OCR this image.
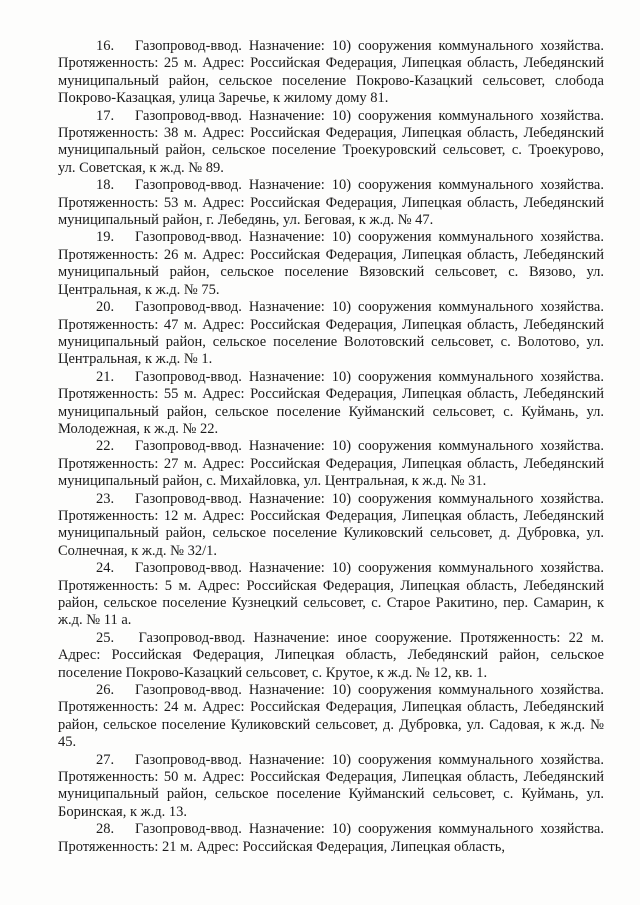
16. Газопровод-ввод. Назначение: 10) сооружения коммунального хозяйства. Протяженность: 25 м. Адрес: Российская Федерация, Липецкая область, Лебедянский муниципальный район, сельское поселение Покрово-Казацкий сельсовет, слобода Покрово-Казацкая, улица Заречье, к жилому дому 81.

17. Газопровод-ввод. Назначение: 10) сооружения коммунального хозяйства. Протяженность: 38 м. Адрес: Российская Федерация, Липецкая область, Лебедянский муниципальный район, сельское поселение Троекуровский сельсовет, с. Троекурово, ул. Советская, к ж.д. № 89.

18. Газопровод-ввод. Назначение: 10) сооружения коммунального хозяйства. Протяженность: 53 м. Адрес: Российская Федерация, Липецкая область, Лебедянский муниципальный район, г. Лебедянь, ул. Беговая, к ж.д. № 47.

19. Газопровод-ввод. Назначение: 10) сооружения коммунального хозяйства. Протяженность: 26 м. Адрес: Российская Федерация, Липецкая область, Лебедянский муниципальный район, сельское поселение Вязовский сельсовет, с. Вязово, ул. Центральная, к ж.д. № 75.

20. Газопровод-ввод. Назначение: 10) сооружения коммунального хозяйства. Протяженность: 47 м. Адрес: Российская Федерация, Липецкая область, Лебедянский муниципальный район, сельское поселение Волотовский сельсовет, с. Волотово, ул. Центральная, к ж.д. № 1.

21. Газопровод-ввод. Назначение: 10) сооружения коммунального хозяйства. Протяженность: 55 м. Адрес: Российская Федерация, Липецкая область, Лебедянский муниципальный район, сельское поселение Куйманский сельсовет, с. Куймань, ул. Молодежная, к ж.д. № 22.

22. Газопровод-ввод. Назначение: 10) сооружения коммунального хозяйства. Протяженность: 27 м. Адрес: Российская Федерация, Липецкая область, Лебедянский муниципальный район, с. Михайловка, ул. Центральная, к ж.д. № 31.

23. Газопровод-ввод. Назначение: 10) сооружения коммунального хозяйства. Протяженность: 12 м. Адрес: Российская Федерация, Липецкая область, Лебедянский муниципальный район, сельское поселение Куликовский сельсовет, д. Дубровка, ул. Солнечная, к ж.д. № 32/1.

24. Газопровод-ввод. Назначение: 10) сооружения коммунального хозяйства. Протяженность: 5 м. Адрес: Российская Федерация, Липецкая область, Лебедянский район, сельское поселение Кузнецкий сельсовет, с. Старое Ракитино, пер. Самарин, к ж.д. № 11 а.

25. Газопровод-ввод. Назначение: иное сооружение. Протяженность: 22 м. Адрес: Российская Федерация, Липецкая область, Лебедянский район, сельское поселение Покрово-Казацкий сельсовет, с. Крутое, к ж.д. № 12, кв. 1.

26. Газопровод-ввод. Назначение: 10) сооружения коммунального хозяйства. Протяженность: 24 м. Адрес: Российская Федерация, Липецкая область, Лебедянский район, сельское поселение Куликовский сельсовет, д. Дубровка, ул. Садовая, к ж.д. № 45.

27. Газопровод-ввод. Назначение: 10) сооружения коммунального хозяйства. Протяженность: 50 м. Адрес: Российская Федерация, Липецкая область, Лебедянский муниципальный район, сельское поселение Куйманский сельсовет, с. Куймань, ул. Боринская, к ж.д. 13.

28. Газопровод-ввод. Назначение: 10) сооружения коммунального хозяйства. Протяженность: 21 м. Адрес: Российская Федерация, Липецкая область,
